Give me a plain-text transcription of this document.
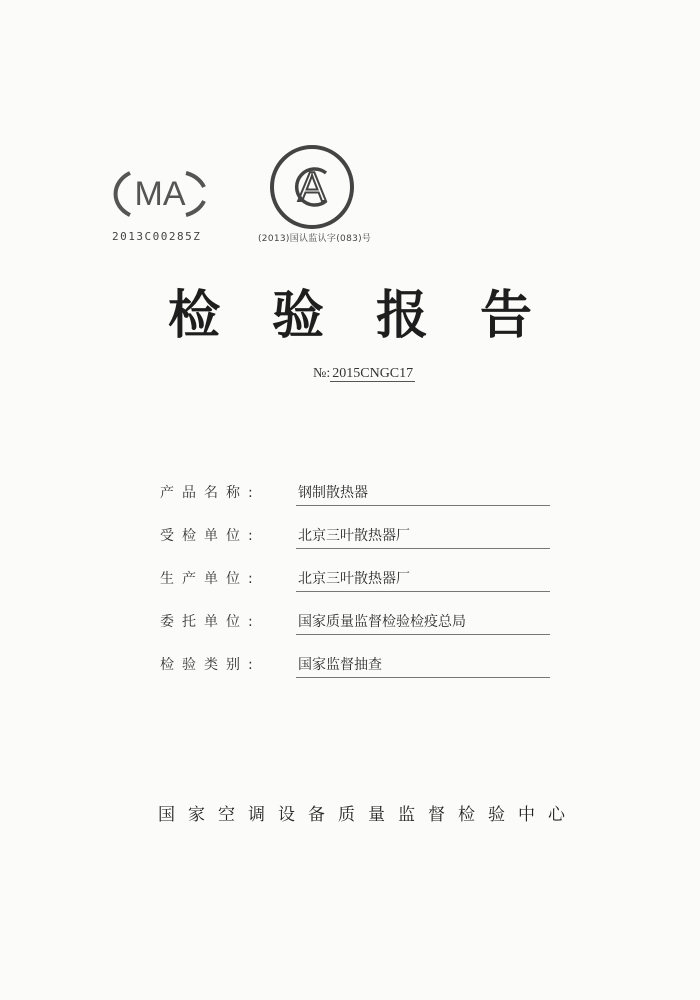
MA
2013C00285Z
A
(2013)国认监认字(083)号
检验报告
№: 2015CNGC17
产品名称:	钢制散热器
受检单位:	北京三叶散热器厂
生产单位:	北京三叶散热器厂
委托单位:	国家质量监督检验检疫总局
检验类别:	国家监督抽查
国家空调设备质量监督检验中心
